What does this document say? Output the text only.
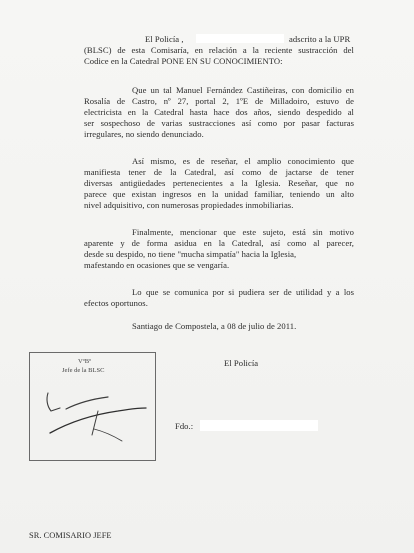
El Policía ,	adscrito a la UPR
(BLSC) de esta Comisaría, en relación a la reciente sustracción del
Codice en la Catedral PONE EN SU CONOCIMIENTO:
Que un tal Manuel Fernández Castiñeiras, con domicilio en
Rosalía de Castro, nº 27, portal 2, 1ºE de Milladoiro, estuvo de
electricista en la Catedral hasta hace dos años, siendo despedido al
ser sospechoso de varias sustracciones así como por pasar facturas
irregulares, no siendo denunciado.
Así mismo, es de reseñar, el amplio conocimiento que
manifiesta tener de la Catedral, así como de jactarse de tener
diversas antigüedades pertenecientes a la Iglesia. Reseñar, que no
parece que existan ingresos en la unidad familiar, teniendo un alto
nivel adquisitivo, con numerosas propiedades inmobiliarias.
Finalmente, mencionar que este sujeto, está sin motivo
aparente y de forma asidua en la Catedral, así como al parecer,
desde su despido, no tiene "mucha simpatía" hacia la Iglesia,
mafestando en ocasiones que se vengaría.
Lo que se comunica por si pudiera ser de utilidad y a los
efectos oportunos.
Santiago de Compostela, a 08 de julio de 2011.
El Policía
Fdo.:
VºBº
Jefe de la BLSC
SR. COMISARIO JEFE
